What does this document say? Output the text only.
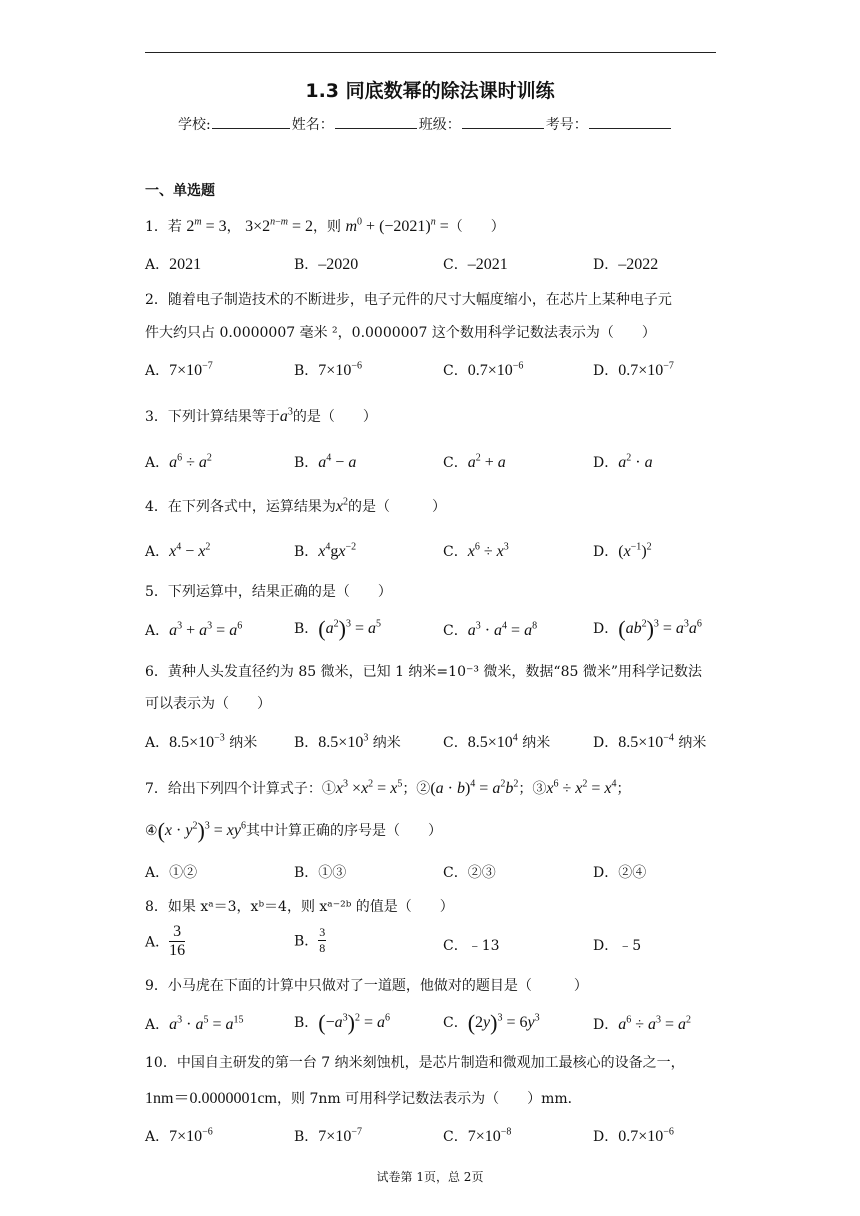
1.3 同底数幂的除法课时训练
学校:	姓名：	班级：	考号：
一、单选题
1．若 $2^m = 3$， $3\times 2^{n-m} = 2$，则 $m^0 + (-2021)^n$ =（　　）
A．2021	B．–2020	C．–2021	D．–2022
2．随着电子制造技术的不断进步，电子元件的尺寸大幅度缩小，在芯片上某种电子元
件大约只占 0.0000007 毫米 ²，0.0000007 这个数用科学记数法表示为（　　）
A．$7\times 10^{-7}$	B．$7\times 10^{-6}$	C．$0.7\times 10^{-6}$	D．$0.7\times 10^{-7}$
3．下列计算结果等于$a^3$的是（　　）
A．$a^6 \div a^2$	B．$a^4 - a$	C．$a^2 + a$	D．$a^2 \cdot a$
4．在下列各式中，运算结果为$x^2$的是（　　　）
A．$x^4 - x^2$	B．$x^4gx^{-2}$	C．$x^6 \div x^3$	D．$(x^{-1})^2$
5．下列运算中，结果正确的是（　　）
A．$a^3 + a^3 = a^6$	B．$(a^2)^3 = a^5$	C．$a^3 \cdot a^4 = a^8$	D．$(ab^2)^3 = a^3a^6$
6．黄种人头发直径约为 85 微米，已知 1 纳米=10⁻³ 微米，数据“85 微米”用科学记数法
可以表示为（　　）
A．$8.5\times 10^{-3}$ 纳米	B．$8.5\times 10^3$ 纳米	C．$8.5\times 10^4$ 纳米	D．$8.5\times 10^{-4}$ 纳米
7．给出下列四个计算式子：$①x^3 \times x^2 = x^5$；②(a · $b)^4 = a^2b^2$；$③x^6 \div x^2 = x^4$；
④(x · $y^2)^3 = xy^6$其中计算正确的序号是（　　）
A．①②	B．①③	C．②③	D．②④
8．如果 xᵃ＝3，xᵇ＝4，则 xᵃ⁻²ᵇ 的值是（　　）
A． $\frac{3}{16}$	B． $\frac{3}{8}$	C．﹣13	D．﹣5
9．小马虎在下面的计算中只做对了一道题，他做对的题目是（　　　）
A．$a^3 \cdot a^5 = a^{15}$	B．$(-a^3)^2 = a^6$	C．$(2y)^3 = 6y^3$	D．$a^6 \div a^3 = a^2$
10．中国自主研发的第一台 7 纳米刻蚀机，是芯片制造和微观加工最核心的设备之一，
1nm＝0.0000001cm，则 7nm 可用科学记数法表示为（　　）mm．
A．$7\times 10^{-6}$	B．$7\times 10^{-7}$	C．$7\times 10^{-8}$	D．$0.7\times 10^{-6}$
试卷第 1页，总 2页
